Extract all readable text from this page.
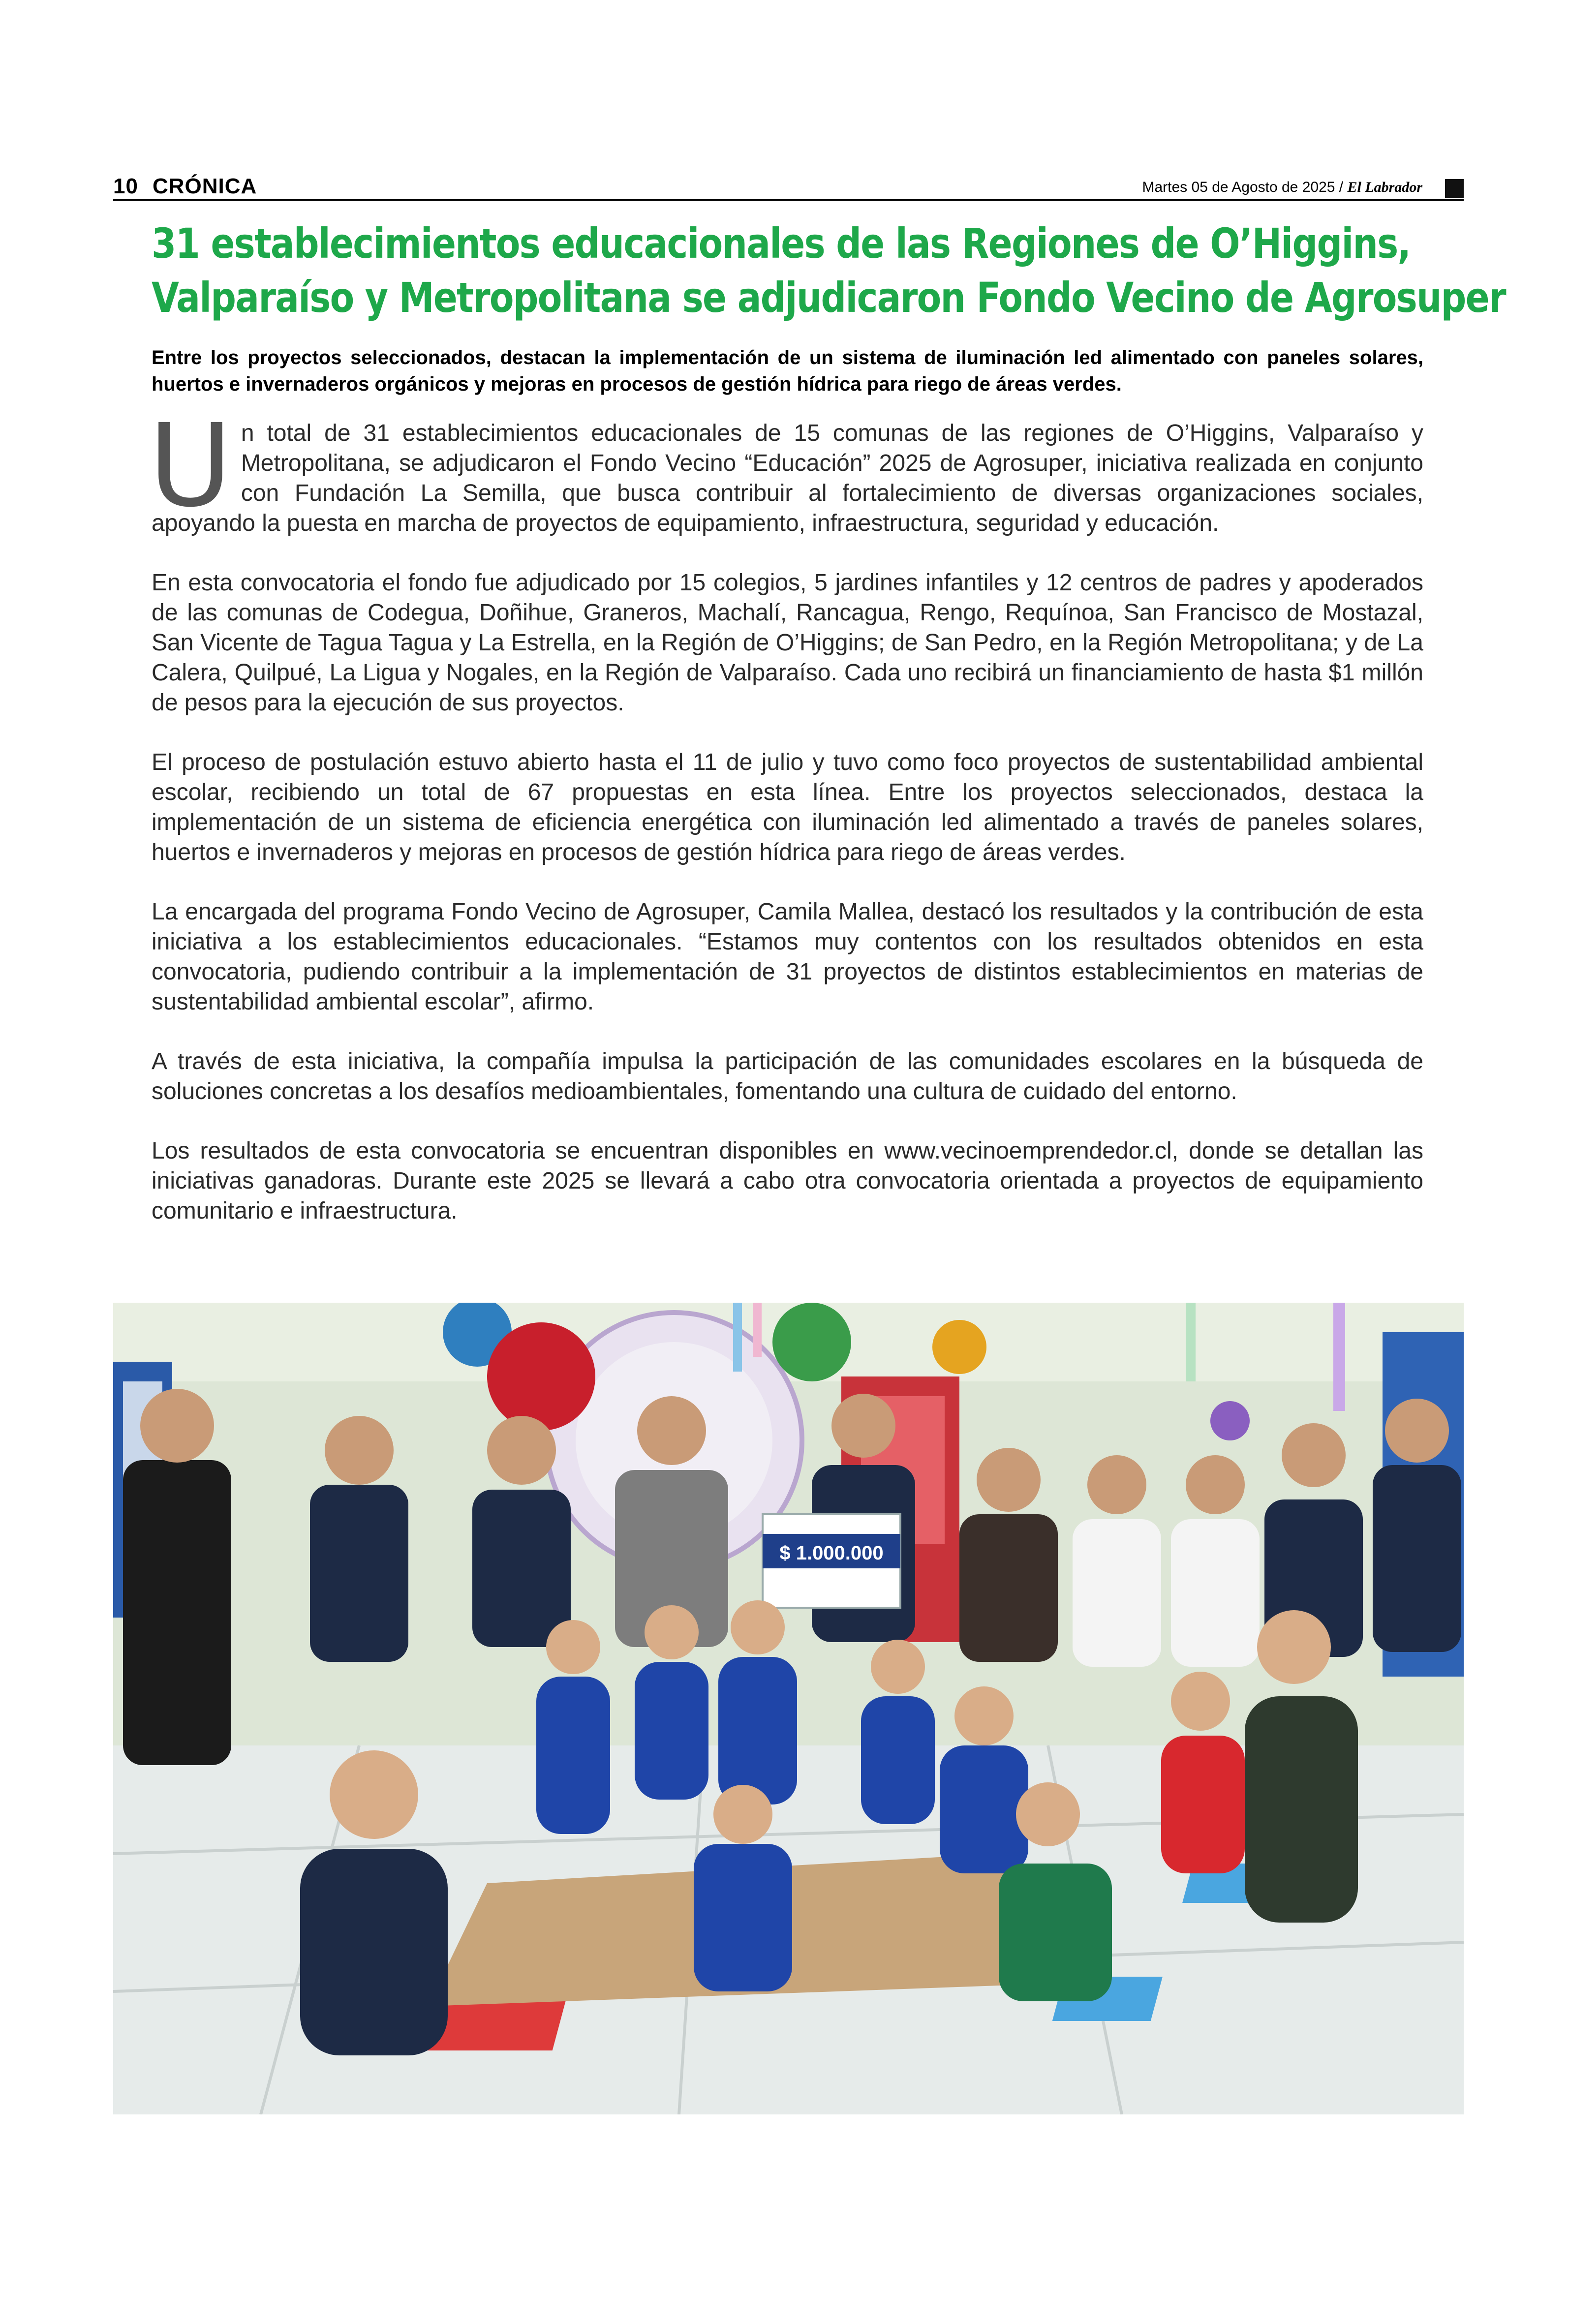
10 CRÓNICA	Martes 05 de Agosto de 2025 / El Labrador
31 establecimientos educacionales de las Regiones de O’Higgins,
Valparaíso y Metropolitana se adjudicaron Fondo Vecino de Agrosuper
Entre los proyectos seleccionados, destacan la implementación de un sistema de iluminación led alimentado con paneles solares, huertos e invernaderos orgánicos y mejoras en procesos de gestión hídrica para riego de áreas verdes.

Un total de 31 establecimientos educacionales de 15 comunas de las regiones de O’Higgins, Valparaíso y Metropolitana, se adjudicaron el Fondo Vecino “Educación” 2025 de Agrosuper, iniciativa realizada en conjunto con Fundación La Semilla, que busca contribuir al fortalecimiento de diversas organizaciones sociales, apoyando la puesta en marcha de proyectos de equipamiento, infraestructura, seguridad y educación.

En esta convocatoria el fondo fue adjudicado por 15 colegios, 5 jardines infantiles y 12 centros de padres y apoderados de las comunas de Codegua, Doñihue, Graneros, Machalí, Rancagua, Rengo, Requínoa, San Francisco de Mostazal, San Vicente de Tagua Tagua y La Estrella, en la Región de O’Higgins; de San Pedro, en la Región Metropolitana; y de La Calera, Quilpué, La Ligua y Nogales, en la Región de Valparaíso. Cada uno recibirá un financiamiento de hasta $1 millón de pesos para la ejecución de sus proyectos.

El proceso de postulación estuvo abierto hasta el 11 de julio y tuvo como foco proyectos de sustentabilidad ambiental escolar, recibiendo un total de 67 propuestas en esta línea. Entre los proyectos seleccionados, destaca la implementación de un sistema de eficiencia energética con iluminación led alimentado a través de paneles solares, huertos e invernaderos y mejoras en procesos de gestión hídrica para riego de áreas verdes.

La encargada del programa Fondo Vecino de Agrosuper, Camila Mallea, destacó los resultados y la contribución de esta iniciativa a los establecimientos educacionales. “Estamos muy contentos con los resultados obtenidos en esta convocatoria, pudiendo contribuir a la implementación de 31 proyectos de distintos establecimientos en materias de sustentabilidad ambiental escolar”, afirmo.

A través de esta iniciativa, la compañía impulsa la participación de las comunidades escolares en la búsqueda de soluciones concretas a los desafíos medioambientales, fomentando una cultura de cuidado del entorno.

Los resultados de esta convocatoria se encuentran disponibles en www.vecinoemprendedor.cl, donde se detallan las iniciativas ganadoras. Durante este 2025 se llevará a cabo otra convocatoria orientada a proyectos de equipamiento comunitario e infraestructura.

$ 1.000.000
